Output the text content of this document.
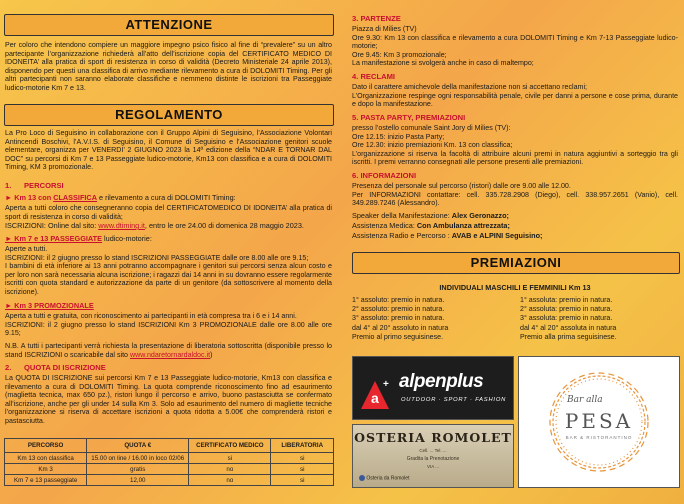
ATTENZIONE
Per coloro che intendono compiere un maggiore impegno psico fisico al fine di “prevalere” su un altro partecipante l’organizzazione richiederà all’atto dell’iscrizione copia del CERTIFICATO MEDICO DI IDONEITA’ alla pratica di sport di resistenza in corso di validità (Decreto Ministeriale 24 aprile 2013), disponendo per questi una classifica di arrivo mediante rilevamento a cura di DOLOMITI Timing. Per gli altri partecipanti non saranno elaborate classifiche e nemmeno distinte le iscrizioni tra Passeggiate ludico-motorie Km 7 e 13.
REGOLAMENTO
La Pro Loco di Seguisino in collaborazione con il Gruppo Alpini di Seguisino, l’Associazione Volontari Antincendi Boschivi, l’A.V.I.S. di Seguisino, il Comune di Seguisino e l’Associazione genitori scuole elementare, organizza per VENERDI’ 2 GIUGNO 2023 la 14ª edizione della “NDAR E TORNAR DAL DOC” su percorsi di Km 7 e 13 Passeggiate ludico-motorie, Km13 con classifica e a cura di DOLOMITI Timing, KM 3 promozionale.
1.      PERCORSI
► Km 13 con CLASSIFICA e rilevamento a cura di DOLOMITI Timing:
Aperta a tutti coloro che consegneranno copia del CERTIFICATOMEDICO DI IDONEITA’ alla pratica di sport di resistenza in corso di validità;
ISCRIZIONI: Online dal sito: www.dtiming.it, entro le ore 24.00 di domenica 28 maggio 2023.
► Km 7 e 13 PASSEGGIATE ludico-motorie:
Aperte a tutti.
ISCRIZIONI: il 2 giugno presso lo stand ISCRIZIONI PASSEGGIATE dalle ore 8.00 alle ore 9.15;
I bambini di età inferiore ai 13 anni potranno accompagnare i genitori sui percorsi senza alcun costo e per loro non sarà necessaria alcuna iscrizione; i ragazzi dai 14 anni in su dovranno essere regolarmente iscritti con quota standard e autorizzazione da parte di un genitore (da sottoscrivere al momento della iscrizione).
► Km 3 PROMOZIONALE
Aperta a tutti e gratuita, con riconoscimento ai partecipanti in età compresa tra i 6 e i 14 anni.
ISCRIZIONI: il 2 giugno presso lo stand ISCRIZIONI Km 3 PROMOZIONALE dalle ore 8.00 alle ore 9.15;
N.B. A tutti i partecipanti verrà richiesta la presentazione di liberatoria sottoscritta (disponibile presso lo stand ISCRIZIONI o scaricabile dal sito www.ndaretornardaldoc.it)
2.      QUOTA DI ISCRIZIONE
La QUOTA DI ISCRIZIONE sui percorsi Km 7 e 13 Passeggiate ludico-motorie, Km13 con classifica e rilevamento a cura di DOLOMITI Timing. La quota comprende riconoscimento fino ad esaurimento (maglietta tecnica, max 650 pz.), ristori lungo il percorso e arrivo, buono pastasciutta se confermato all’iscrizione, anche per gli under 14 sulla Km 3. Solo ad esaurimento del numero di magliette tecniche l’organizzazione si riserva di accettare iscrizioni a quota ridotta a 5.00€ che comprenderà ristori e pastasciutta.
PERCORSO	QUOTA €	CERTIFICATO MEDICO	LIBERATORIA
Km 13 con classifica	15.00 on line / 16.00 in loco 02/06	si	si
Km 3	gratis	no	si
Km 7 e 13 passeggiate	12,00	no	si
3. PARTENZE
Piazza di Milies (TV)
Ore 9.30: Km 13 con classifica e rilevamento a cura DOLOMITI Timing e Km 7-13 Passeggiate ludico-motorie;
Ore 9.45: Km 3 promozionale;
La manifestazione si svolgerà anche in caso di maltempo;
4. RECLAMI
Dato il carattere amichevole della manifestazione non si accettano reclami;
L’Organizzazione respinge ogni responsabilità penale, civile per danni a persone e cose prima, durante e dopo la manifestazione.
5. PASTA PARTY, PREMIAZIONI
presso l’ostello comunale Saint Jory di Milies (TV):
Ore 12.15: inizio Pasta Party;
Ore 12.30: inizio premiazioni Km. 13 con classifica;
L’organizzazione si riserva la facoltà di attribuire alcuni premi in natura aggiuntivi a sorteggio tra gli iscritti. I premi verranno consegnati alle persone presenti alle premiazioni.
6. INFORMAZIONI
Presenza del personale sul percorso (ristori) dalle ore 9.00 alle 12.00.
Per INFORMAZIONI contattare: cell. 335.728.2908 (Diego), cell. 338.957.2651 (Vanio), cell. 349.289.7246 (Alessandro).
Speaker della Manifestazione: Alex Geronazzo;
Assistenza Medica: Con Ambulanza attrezzata;
Assistenza Radio e Percorso : AVAB e ALPINI Seguisino;
PREMIAZIONI
INDIVIDUALI MASCHILI E FEMMINILI Km 13
1° assoluto: premio in natura.
2° assoluto: premio in natura.
3° assoluto: premio in natura.
dal 4° al 20° assoluto in natura
Premio al primo seguisinese.
1° assoluta: premio in natura.
2° assoluta: premio in natura.
3° assoluta: premio in natura.
dal 4° al 20° assoluta in natura
Premio alla prima seguisinese.
a
+ alpenplus
OUTDOOR · SPORT · FASHION
OSTERIA ROMOLET
Cell. ... Tel. ...
Gradita la Prenotazione
VIA ...
Osteria da Romolet
Bar alla
PESA
BAR & RISTORANTINO
